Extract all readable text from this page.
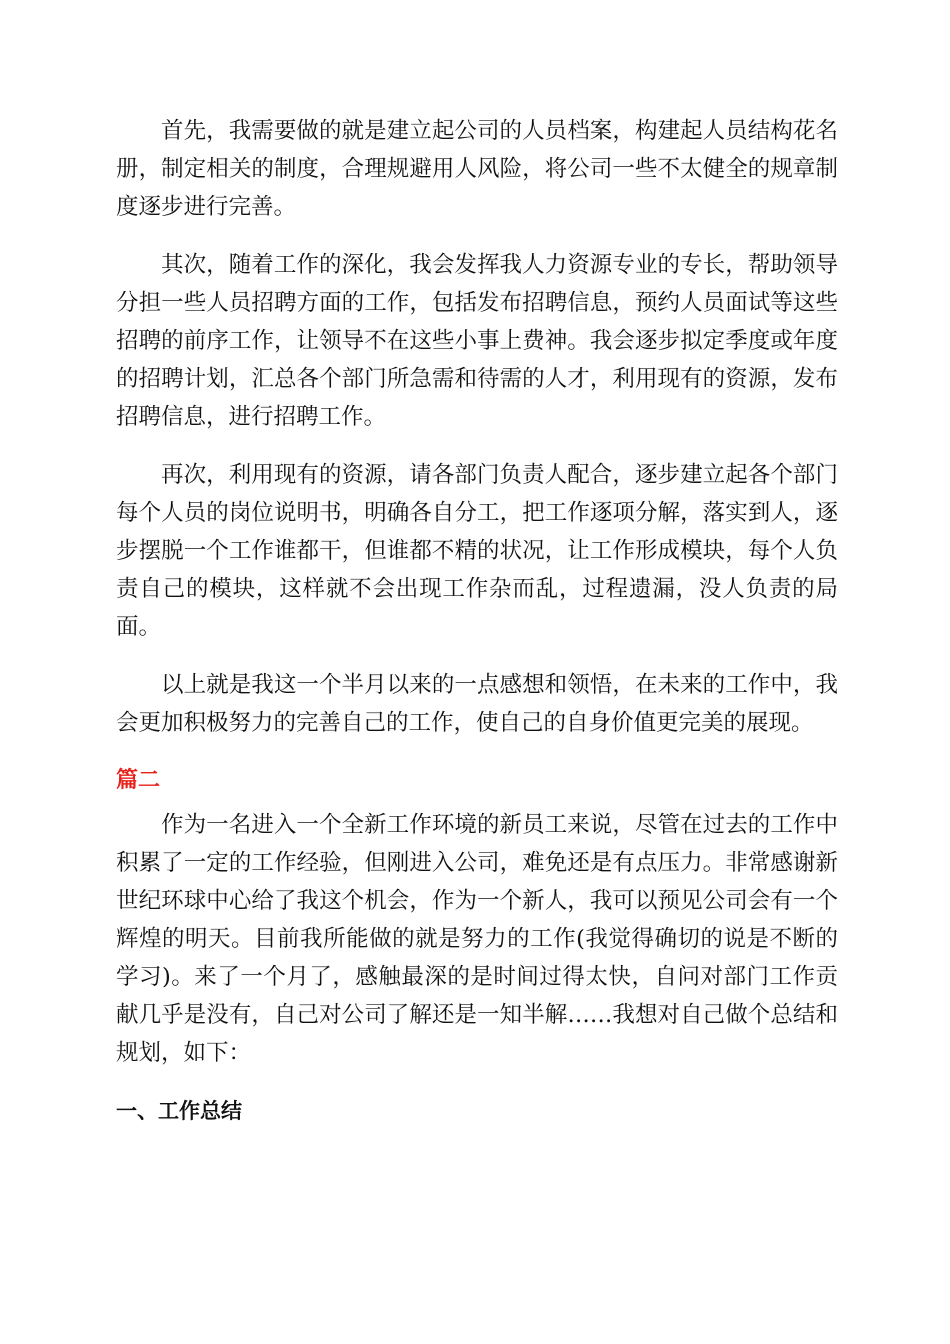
首先，我需要做的就是建立起公司的人员档案，构建起人员结构花名册，制定相关的制度，合理规避用人风险，将公司一些不太健全的规章制度逐步进行完善。

其次，随着工作的深化，我会发挥我人力资源专业的专长，帮助领导分担一些人员招聘方面的工作，包括发布招聘信息，预约人员面试等这些招聘的前序工作，让领导不在这些小事上费神。我会逐步拟定季度或年度的招聘计划，汇总各个部门所急需和待需的人才，利用现有的资源，发布招聘信息，进行招聘工作。

再次，利用现有的资源，请各部门负责人配合，逐步建立起各个部门每个人员的岗位说明书，明确各自分工，把工作逐项分解，落实到人，逐步摆脱一个工作谁都干，但谁都不精的状况，让工作形成模块，每个人负责自己的模块，这样就不会出现工作杂而乱，过程遗漏，没人负责的局面。

以上就是我这一个半月以来的一点感想和领悟，在未来的工作中，我会更加积极努力的完善自己的工作，使自己的自身价值更完美的展现。

篇二

作为一名进入一个全新工作环境的新员工来说，尽管在过去的工作中积累了一定的工作经验，但刚进入公司，难免还是有点压力。非常感谢新世纪环球中心给了我这个机会，作为一个新人，我可以预见公司会有一个辉煌的明天。目前我所能做的就是努力的工作(我觉得确切的说是不断的学习)。来了一个月了，感触最深的是时间过得太快，自问对部门工作贡献几乎是没有，自己对公司了解还是一知半解……我想对自己做个总结和规划，如下：

一、工作总结
